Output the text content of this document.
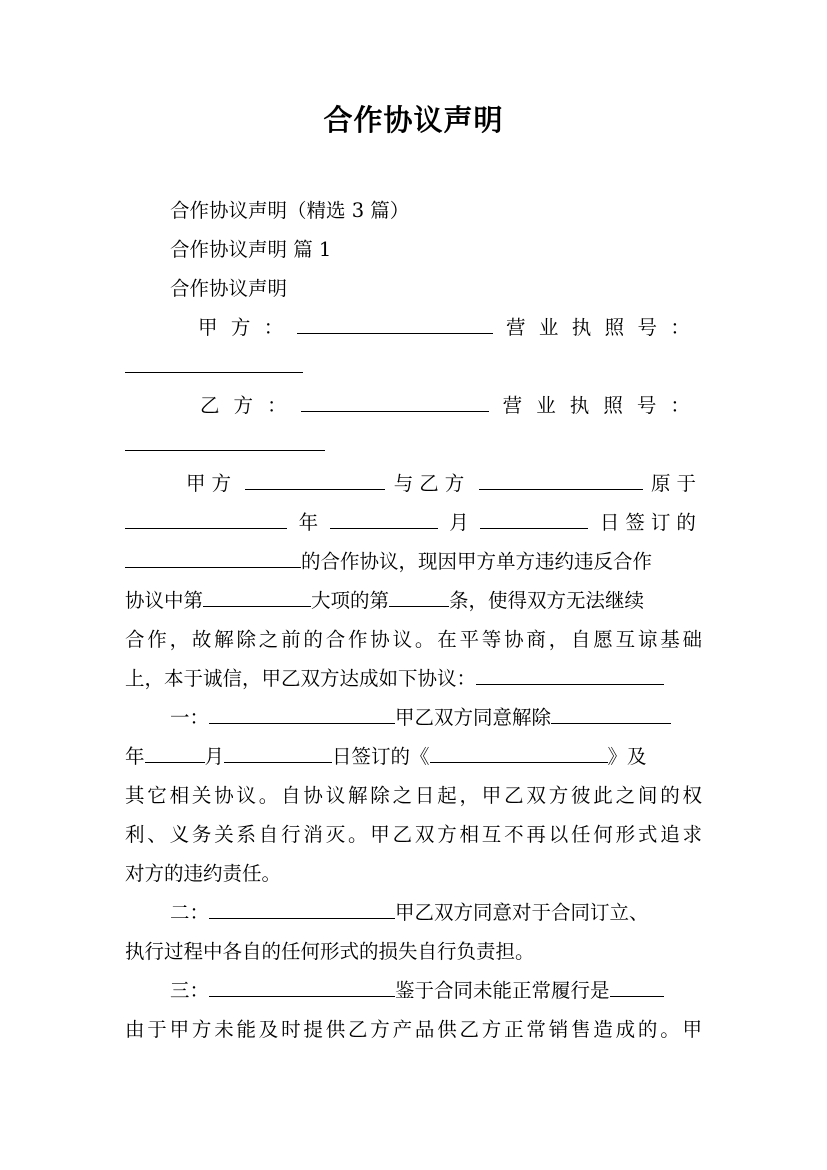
合作协议声明
合作协议声明（精选 3 篇）
合作协议声明 篇 1
合作协议声明
甲 方 ：	营 业 执 照 号 ：
乙 方 ：	营 业 执 照 号 ：
甲方	与乙方	原于
年	月	日签订的
的合作协议，现因甲方单方违约违反合作
协议中第	大项的第	条，使得双方无法继续
合作，故解除之前的合作协议。在平等协商，自愿互谅基础
上，本于诚信，甲乙双方达成如下协议：
一：	甲乙双方同意解除
年	月	日签订的《	》及
其它相关协议。自协议解除之日起，甲乙双方彼此之间的权
利、义务关系自行消灭。甲乙双方相互不再以任何形式追求
对方的违约责任。
二：	甲乙双方同意对于合同订立、
执行过程中各自的任何形式的损失自行负责担。
三：	鉴于合同未能正常履行是
由于甲方未能及时提供乙方产品供乙方正常销售造成的。甲
